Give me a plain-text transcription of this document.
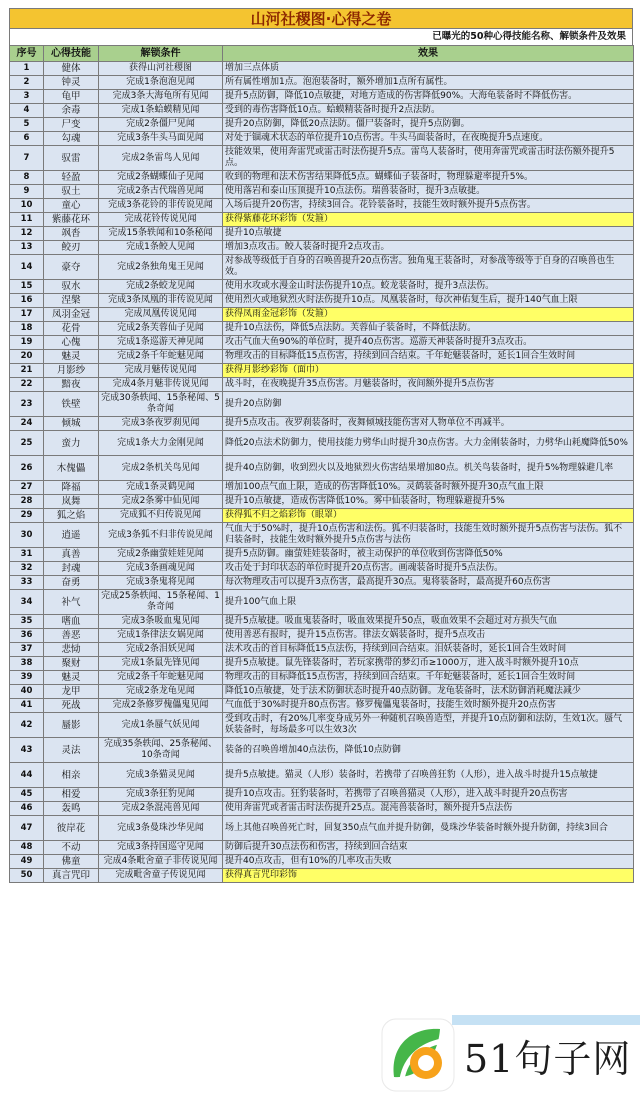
山河社稷图·心得之卷
已曝光的50种心得技能名称、解锁条件及效果
序号	心得技能	解锁条件	效果
1	健体	获得山河社稷图	增加三点体质
2	钟灵	完成1条泡泡见闻	所有属性增加1点。泡泡装备时，额外增加1点所有属性。
3	龟甲	完成3条大海龟所有见闻	提升5点防御，降低10点敏捷，对地方造成的伤害降低90%。大海龟装备时不降低伤害。
4	余毒	完成1条蛤蟆精见闻	受到的毒伤害降低10点。蛤蟆精装备时提升2点法防。
5	尸变	完成2条僵尸见闻	提升20点防御，降低20点法防。僵尸装备时，提升5点防御。
6	勾魂	完成3条牛头马面见闻	对处于锢魂术状态的单位提升10点伤害。牛头马面装备时，在夜晚提升5点速度。
7	驭雷	完成2条雷鸟人见闻	技能效果，使用奔雷咒或雷击时法伤提升5点。雷鸟人装备时，使用奔雷咒或雷击时法伤额外提升5点。
8	轻盈	完成2条蝴蝶仙子见闻	收到的物理和法术伤害结果降低5点。蝴蝶仙子装备时，物理躲避率提升5%。
9	驭土	完成2条古代瑞兽见闻	使用落岩和泰山压顶提升10点法伤。瑞兽装备时，提升3点敏捷。
10	童心	完成3条花铃的非传说见闻	入场后提升20伤害，持续3回合。花铃装备时，技能生效时额外提升5点伤害。
11	紫藤花环	完成花铃传说见闻	获得紫藤花环彩饰（发箍）
12	飒沓	完成15条轶闻和10条秘闻	提升10点敏捷
13	鲛刃	完成1条鲛人见闻	增加3点攻击。鲛人装备时提升2点攻击。
14	豪夺	完成2条独角鬼王见闻	对参战等级低于自身的召唤兽提升20点伤害。独角鬼王装备时，对参战等级等于自身的召唤兽也生效。
15	驭水	完成2条蛟龙见闻	使用水攻或水漫金山时法伤提升10点。蛟龙装备时，提升3点法伤。
16	涅槃	完成3条凤凰的非传说见闻	使用烈火或地狱烈火时法伤提升10点。凤凰装备时，每次神佑复生后，提升140气血上限
17	凤羽金冠	完成凤凰传说见闻	获得凤雨金冠彩饰（发箍）
18	花骨	完成2条芙蓉仙子见闻	提升10点法伤，降低5点法防。芙蓉仙子装备时，不降低法防。
19	心傀	完成1条巡游天神见闻	攻击气血大鱼90%的单位时，提升40点伤害。巡游天神装备时提升3点攻击。
20	魅灵	完成2条千年蛇魅见闻	物理攻击的目标降低15点伤害，持续到回合结束。千年蛇魅装备时，延长1回合生效时间
21	月影纱	完成月魅传说见闻	获得月影纱彩饰（面巾）
22	黯夜	完成4条月魅非传说见闻	战斗时，在夜晚提升35点伤害。月魅装备时，夜间额外提升5点伤害
23	铁壁	完成30条轶闻、15条秘闻、5条奇闻	提升20点防御
24	倾城	完成3条夜罗刹见闻	提升5点攻击。夜罗刹装备时，夜舞倾城技能伤害对人物单位不再减半。
25	蛮力	完成1条大力金刚见闻	降低20点法术防御力，使用技能力劈华山时提升30点伤害。大力金刚装备时，力劈华山耗魔降低50%
26	木傀儡	完成2条机关鸟见闻	提升40点防御，收到烈火以及地狱烈火伤害结果增加80点。机关鸟装备时，提升5%物理躲避几率
27	降福	完成1条灵鹤见闻	增加100点气血上限，造成的伤害降低10%。灵鹤装备时额外提升30点气血上限
28	岚舞	完成2条雾中仙见闻	提升10点敏捷，造成伤害降低10%。雾中仙装备时，物理躲避提升5%
29	狐之焰	完成狐不归传说见闻	获得狐不归之焰彩饰（眼罩）
30	逍遥	完成3条狐不归非传说见闻	气血大于50%时，提升10点伤害和法伤。狐不归装备时，技能生效时额外提升5点伤害与法伤。狐不归装备时，技能生效时额外提升5点伤害与法伤
31	真善	完成2条幽萤娃娃见闻	提升5点防御。幽萤娃娃装备时，被主动保护的单位收到伤害降低50%
32	封魂	完成3条画魂见闻	攻击处于封印状态的单位时提升20点伤害。画魂装备时提升5点法伤。
33	奋勇	完成3条鬼将见闻	每次物理攻击可以提升3点伤害，最高提升30点。鬼将装备时，最高提升60点伤害
34	补气	完成25条轶闻、15条秘闻、1条奇闻	提升100气血上限
35	嗜血	完成3条吸血鬼见闻	提升5点敏捷。吸血鬼装备时，吸血效果提升50点，吸血效果不会超过对方损失气血
36	善恶	完成1条律法女娲见闻	使用善恶有报时，提升15点伤害。律法女娲装备时，提升5点攻击
37	悲恸	完成2条泪妖见闻	法术攻击的首目标降低15点法伤，持续到回合结束。泪妖装备时，延长1回合生效时间
38	聚财	完成1条鼠先锋见闻	提升5点敏捷。鼠先锋装备时，若玩家携带的梦幻币≥1000万，进入战斗时额外提升10点
39	魅灵	完成2条千年蛇魅见闻	物理攻击的目标降低15点伤害，持续到回合结束。千年蛇魅装备时，延长1回合生效时间
40	龙甲	完成2条龙龟见闻	降低10点敏捷，处于法术防御状态时提升40点防御。龙龟装备时，法术防御消耗魔法减少
41	死战	完成2条修罗傀儡鬼见闻	气血低于30%时提升80点伤害。修罗傀儡鬼装备时，技能生效时额外提升20点伤害
42	蜃影	完成1条蜃气妖见闻	受到攻击时，有20%几率变身成另外一种随机召唤兽造型，并提升10点防御和法防，生效1次。蜃气妖装备时，每场最多可以生效3次
43	灵法	完成35条轶闻、25条秘闻、10条奇闻	装备的召唤兽增加40点法伤，降低10点防御
44	相亲	完成3条猫灵见闻	提升5点敏捷。猫灵（人形）装备时，若携带了召唤兽狂豹（人形），进入战斗时提升15点敏捷
45	相爱	完成3条狂豹见闻	提升10点攻击。狂豹装备时，若携带了召唤兽猫灵（人形），进入战斗时提升20点伤害
46	轰鸣	完成2条混沌兽见闻	使用奔雷咒或者雷击时法伤提升25点。混沌兽装备时，额外提升5点法伤
47	彼岸花	完成3条曼珠沙华见闻	场上其他召唤兽死亡时，回复350点气血并提升防御，曼珠沙华装备时额外提升防御，持续3回合
48	不动	完成3条持国巡守见闻	防御后提升30点法伤和伤害，持续到回合结束
49	佛童	完成4条毗舍童子非传说见闻	提升40点攻击，但有10%的几率攻击失败
50	真言咒印	完成毗舍童子传说见闻	获得真言咒印彩饰
51句子网
